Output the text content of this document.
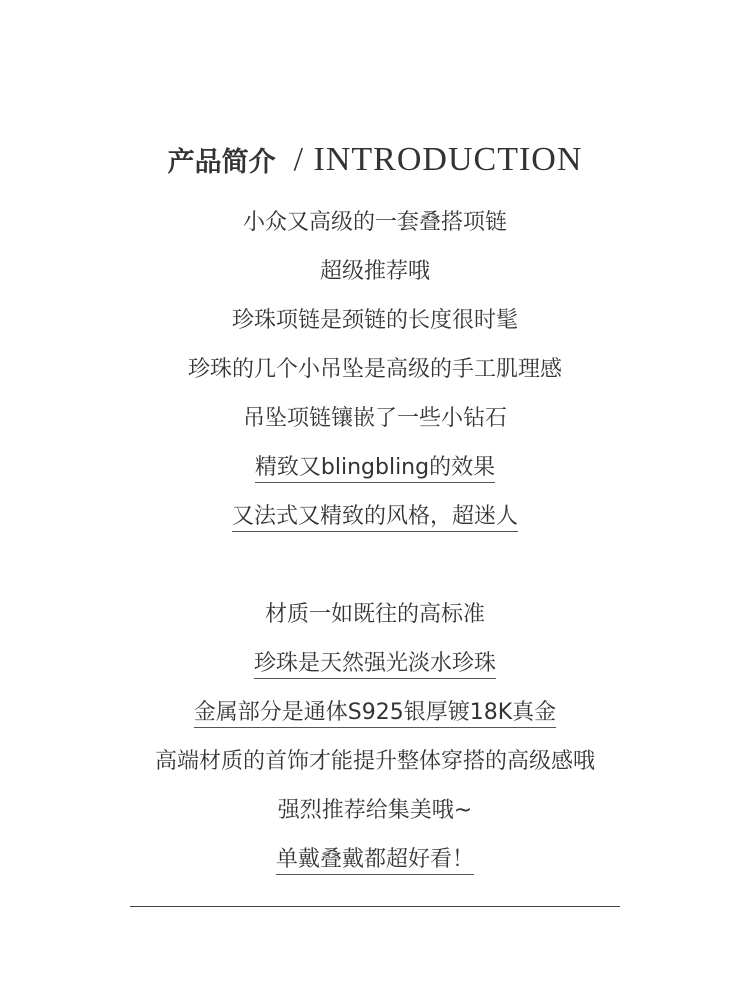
产品简介 / INTRODUCTION
小众又高级的一套叠搭项链
超级推荐哦
珍珠项链是颈链的长度很时髦
珍珠的几个小吊坠是高级的手工肌理感
吊坠项链镶嵌了一些小钻石
精致又blingbling的效果
又法式又精致的风格，超迷人
材质一如既往的高标准
珍珠是天然强光淡水珍珠
金属部分是通体S925银厚镀18K真金
高端材质的首饰才能提升整体穿搭的高级感哦
强烈推荐给集美哦~
单戴叠戴都超好看！
